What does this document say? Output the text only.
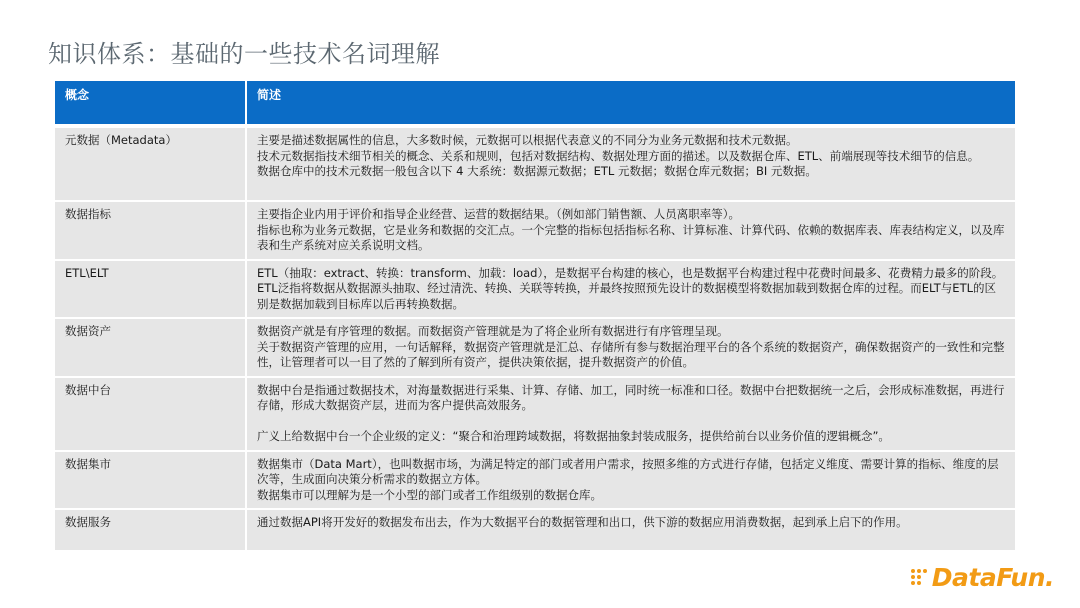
知识体系：基础的一些技术名词理解
概念	简述
元数据（Metadata）	主要是描述数据属性的信息，大多数时候，元数据可以根据代表意义的不同分为业务元数据和技术元数据。
技术元数据指技术细节相关的概念、关系和规则，包括对数据结构、数据处理方面的描述。以及数据仓库、ETL、前端展现等技术细节的信息。
数据仓库中的技术元数据一般包含以下 4 大系统：数据源元数据；ETL 元数据；数据仓库元数据；BI 元数据。

数据指标	主要指企业内用于评价和指导企业经营、运营的数据结果。（例如部门销售额、人员离职率等）。
指标也称为业务元数据，它是业务和数据的交汇点。一个完整的指标包括指标名称、计算标准、计算代码、依赖的数据库表、库表结构定义，以及库表和生产系统对应关系说明文档。

ETL\ELT	ETL（抽取：extract、转换：transform、加载：load），是数据平台构建的核心，也是数据平台构建过程中花费时间最多、花费精力最多的阶段。ETL泛指将数据从数据源头抽取、经过清洗、转换、关联等转换，并最终按照预先设计的数据模型将数据加载到数据仓库的过程。而ELT与ETL的区别是数据加载到目标库以后再转换数据。

数据资产	数据资产就是有序管理的数据。而数据资产管理就是为了将企业所有数据进行有序管理呈现。
关于数据资产管理的应用，一句话解释，数据资产管理就是汇总、存储所有参与数据治理平台的各个系统的数据资产，确保数据资产的一致性和完整性，让管理者可以一目了然的了解到所有资产，提供决策依据，提升数据资产的价值。

数据中台	数据中台是指通过数据技术，对海量数据进行采集、计算、存储、加工，同时统一标准和口径。数据中台把数据统一之后，会形成标准数据，再进行存储，形成大数据资产层，进而为客户提供高效服务。
广义上给数据中台一个企业级的定义：“聚合和治理跨域数据，将数据抽象封装成服务，提供给前台以业务价值的逻辑概念”。

数据集市	数据集市（Data Mart），也叫数据市场，为满足特定的部门或者用户需求，按照多维的方式进行存储，包括定义维度、需要计算的指标、维度的层次等，生成面向决策分析需求的数据立方体。
数据集市可以理解为是一个小型的部门或者工作组级别的数据仓库。

数据服务	通过数据API将开发好的数据发布出去，作为大数据平台的数据管理和出口，供下游的数据应用消费数据，起到承上启下的作用。
DataFun.
